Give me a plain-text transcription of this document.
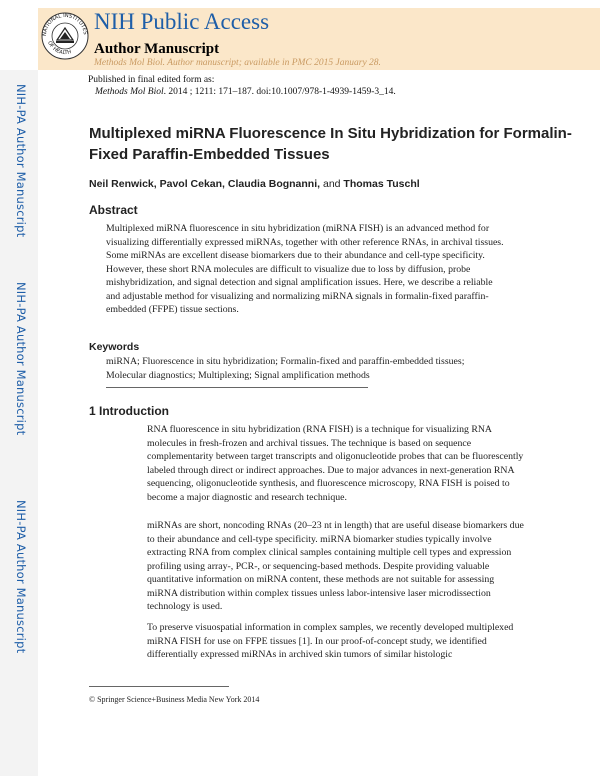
NATIONAL INSTITUTES
OF HEALTH
NIH Public Access
Author Manuscript
Methods Mol Biol. Author manuscript; available in PMC 2015 January 28.
NIH-PA Author Manuscript
NIH-PA Author Manuscript
NIH-PA Author Manuscript
Published in final edited form as:
Methods Mol Biol. 2014 ; 1211: 171–187. doi:10.1007/978-1-4939-1459-3_14.
Multiplexed miRNA Fluorescence In Situ Hybridization for Formalin-Fixed Paraffin-Embedded Tissues
Neil Renwick, Pavol Cekan, Claudia Bognanni, and Thomas Tuschl
Abstract
Multiplexed miRNA fluorescence in situ hybridization (miRNA FISH) is an advanced method for visualizing differentially expressed miRNAs, together with other reference RNAs, in archival tissues. Some miRNAs are excellent disease biomarkers due to their abundance and cell-type specificity. However, these short RNA molecules are difficult to visualize due to loss by diffusion, probe mishybridization, and signal detection and signal amplification issues. Here, we describe a reliable and adjustable method for visualizing and normalizing miRNA signals in formalin-fixed paraffin-embedded (FFPE) tissue sections.
Keywords
miRNA; Fluorescence in situ hybridization; Formalin-fixed and paraffin-embedded tissues; Molecular diagnostics; Multiplexing; Signal amplification methods
1 Introduction

RNA fluorescence in situ hybridization (RNA FISH) is a technique for visualizing RNA molecules in fresh-frozen and archival tissues. The technique is based on sequence complementarity between target transcripts and oligonucleotide probes that can be fluorescently labeled through direct or indirect approaches. Due to major advances in next-generation RNA sequencing, oligonucleotide synthesis, and fluorescence microscopy, RNA FISH is poised to become a major diagnostic and research technique.

miRNAs are short, noncoding RNAs (20–23 nt in length) that are useful disease biomarkers due to their abundance and cell-type specificity. miRNA biomarker studies typically involve extracting RNA from complex clinical samples containing multiple cell types and expression profiling using array-, PCR-, or sequencing-based methods. Despite providing valuable quantitative information on miRNA content, these methods are not suitable for assessing miRNA distribution within complex tissues unless labor-intensive laser microdissection technology is used.

To preserve visuospatial information in complex samples, we recently developed multiplexed miRNA FISH for use on FFPE tissues [1]. In our proof-of-concept study, we identified differentially expressed miRNAs in archived skin tumors of similar histologic

© Springer Science+Business Media New York 2014
